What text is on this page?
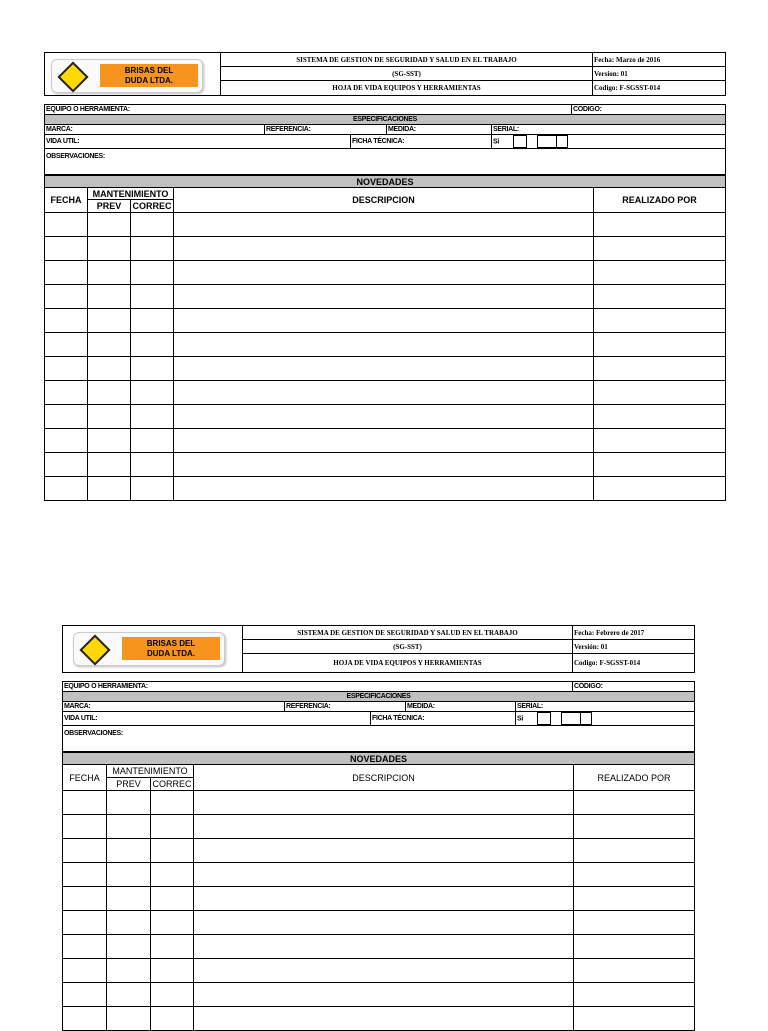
BRISAS DEL
DUDA LTDA.	SISTEMA DE GESTION DE SEGURIDAD Y SALUD EN EL TRABAJO	Fecha: Marzo de 2016
	(SG-SST)	Version: 01
	HOJA DE VIDA EQUIPOS Y HERRAMIENTAS	Codigo: F-SGSST-014
EQUIPO O HERRAMIENTA:					CÓDIGO:
ESPECIFICACIONES					
MARCA:	REFERENCIA:		MEDIDA:	SERIAL:	
VIDA UTIL:		FICHA TÉCNICA:		Si	
OBSERVACIONES:					
NOVEDADES				
FECHA	MANTENIMIENTO		DESCRIPCION	REALIZADO POR
	PREV	CORREC		

BRISAS DEL
DUDA LTDA.	SISTEMA DE GESTION DE SEGURIDAD Y SALUD EN EL TRABAJO	Fecha: Febrero de 2017
	(SG-SST)	Versión: 01
	HOJA DE VIDA EQUIPOS Y HERRAMIENTAS	Codigo: F-SGSST-014
EQUIPO O HERRAMIENTA:					CÓDIGO:
ESPECIFICACIONES					
MARCA:	REFERENCIA:		MEDIDA:	SERIAL:	
VIDA UTIL:		FICHA TÉCNICA:		Si	
OBSERVACIONES:					
NOVEDADES				
FECHA	MANTENIMIENTO		DESCRIPCION	REALIZADO POR
	PREV	CORREC		
